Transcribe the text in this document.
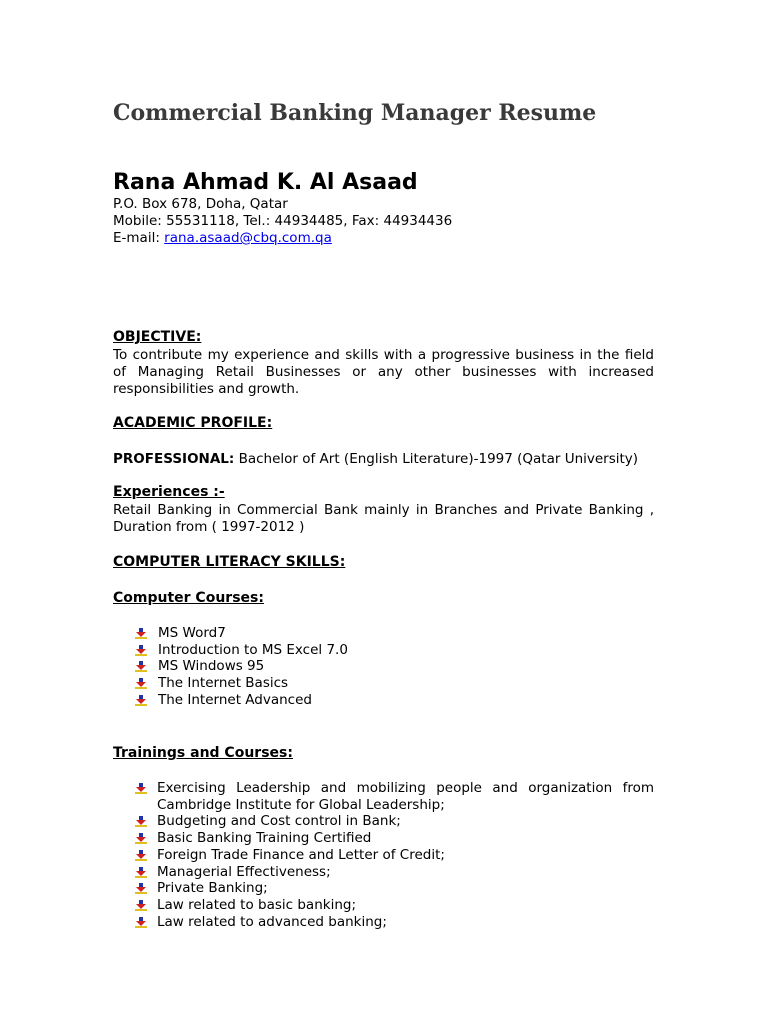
Commercial Banking Manager Resume
Rana Ahmad K. Al Asaad
P.O. Box 678, Doha, Qatar
Mobile: 55531118, Tel.: 44934485, Fax: 44934436
E-mail: rana.asaad@cbq.com.qa
OBJECTIVE:
To contribute my experience and skills with a progressive business in the field of Managing Retail Businesses or any other businesses with increased responsibilities and growth.
ACADEMIC PROFILE:
PROFESSIONAL: Bachelor of Art (English Literature)-1997 (Qatar University)
Experiences :-
Retail Banking in Commercial Bank mainly in Branches and Private Banking , Duration from ( 1997-2012 )
COMPUTER LITERACY SKILLS:
Computer Courses:
MS Word7
Introduction to MS Excel 7.0
MS Windows 95
The Internet Basics
The Internet Advanced
Trainings and Courses:
Exercising Leadership and mobilizing people and organization from Cambridge Institute for Global Leadership;
Budgeting and Cost control in Bank;
Basic Banking Training Certified
Foreign Trade Finance and Letter of Credit;
Managerial Effectiveness;
Private Banking;
Law related to basic banking;
Law related to advanced banking;
